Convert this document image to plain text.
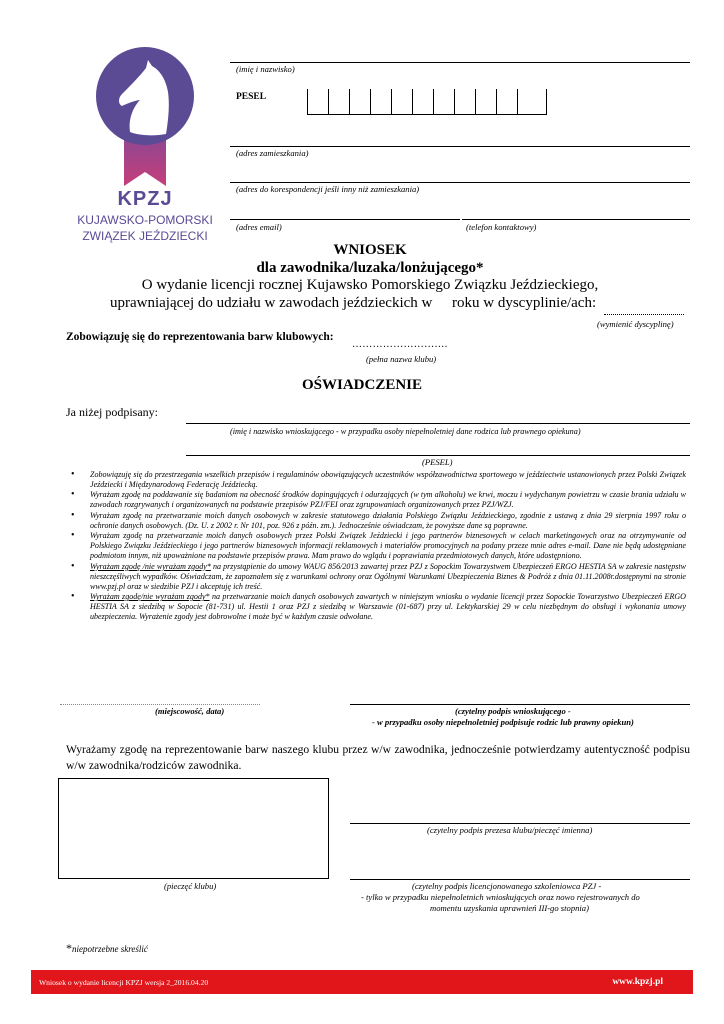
KPZJ
KUJAWSKO-POMORSKI
ZWIĄZEK JEŹDZIECKI
(imię i nazwisko)
PESEL
(adres zamieszkania)
(adres do korespondencji jeśli inny niż zamieszkania)
(adres email)	(telefon kontaktowy)
WNIOSEK
dla zawodnika/luzaka/lonżującego*
O wydanie licencji rocznej Kujawsko Pomorskiego Związku Jeździeckiego,
uprawniającej do udziału w zawodach jeździeckich w roku w dyscyplinie/ach:
(wymienić dyscyplinę)
Zobowiązuję się do reprezentowania barw klubowych:
……………………….
(pełna nazwa klubu)
OŚWIADCZENIE
Ja niżej podpisany:
(imię i nazwisko wnioskującego - w przypadku osoby niepełnoletniej dane rodzica lub prawnego opiekuna)
(PESEL)
• Zobowiązuję się do przestrzegania wszelkich przepisów i regulaminów obowiązujących uczestników współzawodnictwa sportowego w jeździectwie ustanowionych przez Polski Związek Jeździecki i Międzynarodową Federację Jeździecką.
• Wyrażam zgodę na poddawanie się badaniom na obecność środków dopingujących i odurzających (w tym alkoholu) we krwi, moczu i wydychanym powietrzu w czasie brania udziału w zawodach rozgrywanych i organizowanych na podstawie przepisów PZJ/FEI oraz zgrupowaniach organizowanych przez PZJ/WZJ.
• Wyrażam zgodę na przetwarzanie moich danych osobowych w zakresie statutowego działania Polskiego Związku Jeździeckiego, zgodnie z ustawą z dnia 29 sierpnia 1997 roku o ochronie danych osobowych. (Dz. U. z 2002 r. Nr 101, poz. 926 z późn. zm.). Jednocześnie oświadczam, że powyższe dane są poprawne.
• Wyrażam zgodę na przetwarzanie moich danych osobowych przez Polski Związek Jeździecki i jego partnerów biznesowych w celach marketingowych oraz na otrzymywanie od Polskiego Związku Jeździeckiego i jego partnerów biznesowych informacji reklamowych i materiałów promocyjnych na podany przeze mnie adres e-mail. Dane nie będą udostępniane podmiotom innym, niż upoważnione na podstawie przepisów prawa. Mam prawo do wglądu i poprawiania przedmiotowych danych, które udostępniono.
• Wyrażam zgodę /nie wyrażam zgody* na przystąpienie do umowy WAUG 856/2013 zawartej przez PZJ z Sopockim Towarzystwem Ubezpieczeń ERGO HESTIA SA w zakresie następstw nieszczęśliwych wypadków. Oświadczam, że zapoznałem się z warunkami ochrony oraz Ogólnymi Warunkami Ubezpieczenia Biznes & Podróż z dnia 01.11.2008r.dostępnymi na stronie www.pzj.pl oraz w siedzibie PZJ i akceptuję ich treść.
• Wyrażam zgodę/nie wyrażam zgody* na przetwarzanie moich danych osobowych zawartych w niniejszym wniosku o wydanie licencji przez Sopockie Towarzystwo Ubezpieczeń ERGO HESTIA SA z siedzibą w Sopocie (81-731) ul. Hestii 1 oraz PZJ z siedzibą w Warszawie (01-687) przy ul. Lektykarskiej 29 w celu niezbędnym do obsługi i wykonania umowy ubezpieczenia. Wyrażenie zgody jest dobrowolne i może być w każdym czasie odwołane.
(miejscowość, data)	(czytelny podpis wnioskującego -
- w przypadku osoby niepełnoletniej podpisuje rodzic lub prawny opiekun)
Wyrażamy zgodę na reprezentowanie barw naszego klubu przez w/w zawodnika, jednocześnie potwierdzamy autentyczność podpisu w/w zawodnika/rodziców zawodnika.
(pieczęć klubu)
(czytelny podpis prezesa klubu/pieczęć imienna)
(czytelny podpis licencjonowanego szkoleniowca PZJ -
- tylko w przypadku niepełnoletnich wnioskujących oraz nowo rejestrowanych do
momentu uzyskania uprawnień III-go stopnia)
*niepotrzebne skreślić
Wniosek o wydanie licencji KPZJ wersja 2_2016.04.20	www.kpzj.pl
